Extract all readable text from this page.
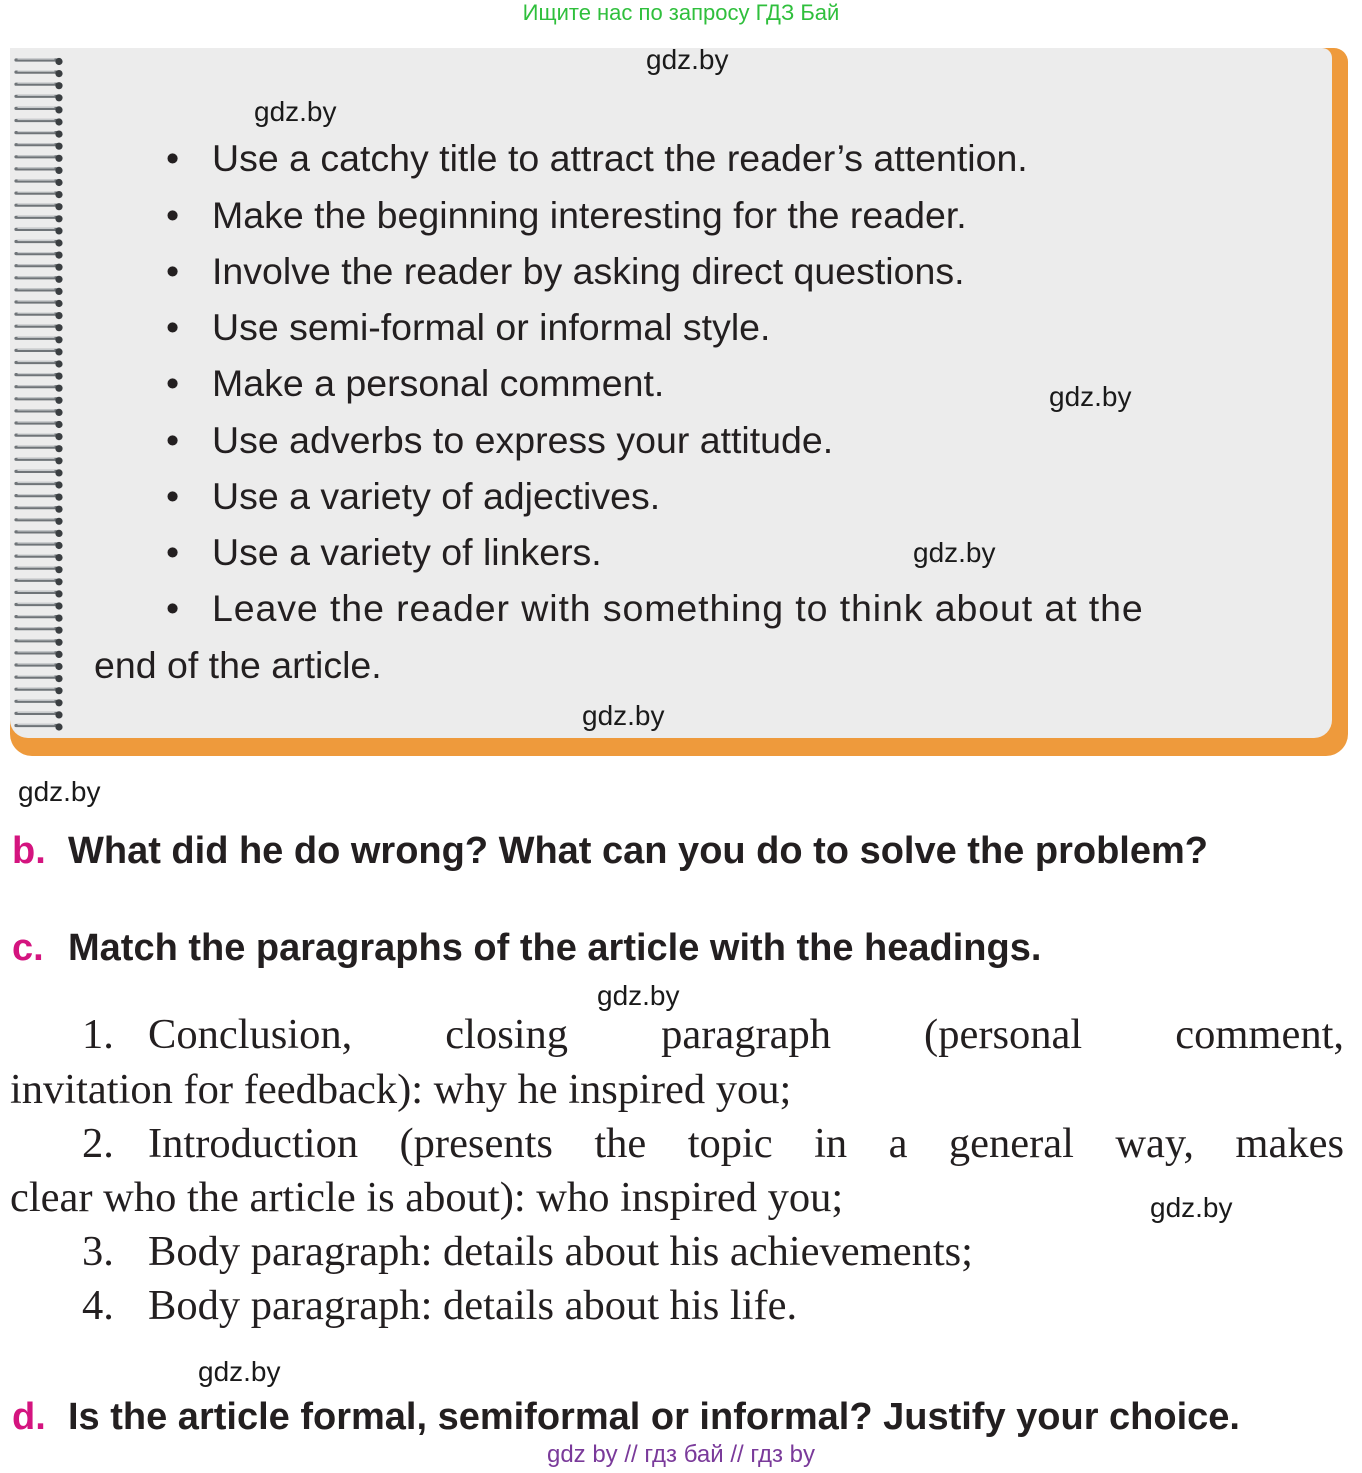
Ищите нас по запросу ГДЗ Бай
gdz.by
gdz.by
• Use a catchy title to attract the reader’s attention.
• Make the beginning interesting for the reader.
• Involve the reader by asking direct questions.
• Use semi-formal or informal style.
• Make a personal comment.	gdz.by
• Use adverbs to express your attitude.
• Use a variety of adjectives.
• Use a variety of linkers.	gdz.by
• Leave the reader with something to think about at the
end of the article.
gdz.by
gdz.by
b. What did he do wrong? What can you do to solve the problem?
c. Match the paragraphs of the article with the headings.
gdz.by
1. Conclusion, closing paragraph (personal comment,
invitation for feedback): why he inspired you;
2. Introduction (presents the topic in a general way, makes
clear who the article is about): who inspired you;	gdz.by
3. Body paragraph: details about his achievements;
4. Body paragraph: details about his life.
gdz.by
d. Is the article formal, semiformal or informal? Justify your choice.
gdz by // гдз бай // гдз by
